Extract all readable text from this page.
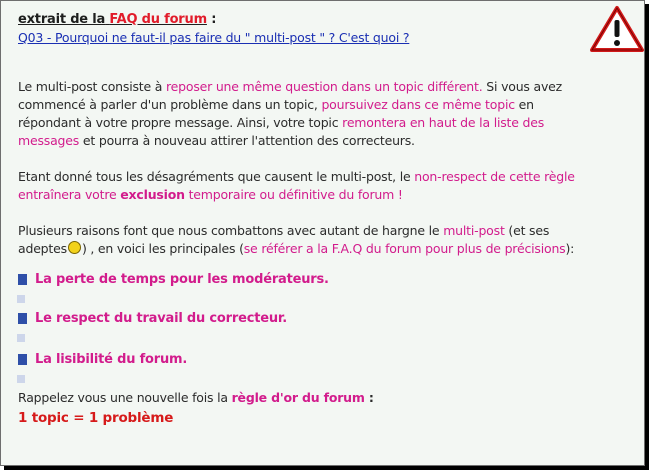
extrait de la FAQ du forum :
Q03 - Pourquoi ne faut-il pas faire du " multi-post " ? C'est quoi ?

Le multi-post consiste à reposer une même question dans un topic différent. Si vous avez commencé à parler d'un problème dans un topic, poursuivez dans ce même topic en répondant à votre propre message. Ainsi, votre topic remontera en haut de la liste des messages et pourra à nouveau attirer l'attention des correcteurs.

Etant donné tous les désagréments que causent le multi-post, le non-respect de cette règle entraînera votre exclusion temporaire ou définitive du forum !

Plusieurs raisons font que nous combattons avec autant de hargne le multi-post (et ses adeptes ) , en voici les principales (se référer a la F.A.Q du forum pour plus de précisions):

La perte de temps pour les modérateurs.
Le respect du travail du correcteur.
La lisibilité du forum.

Rappelez vous une nouvelle fois la règle d'or du forum :

1 topic = 1 problème
